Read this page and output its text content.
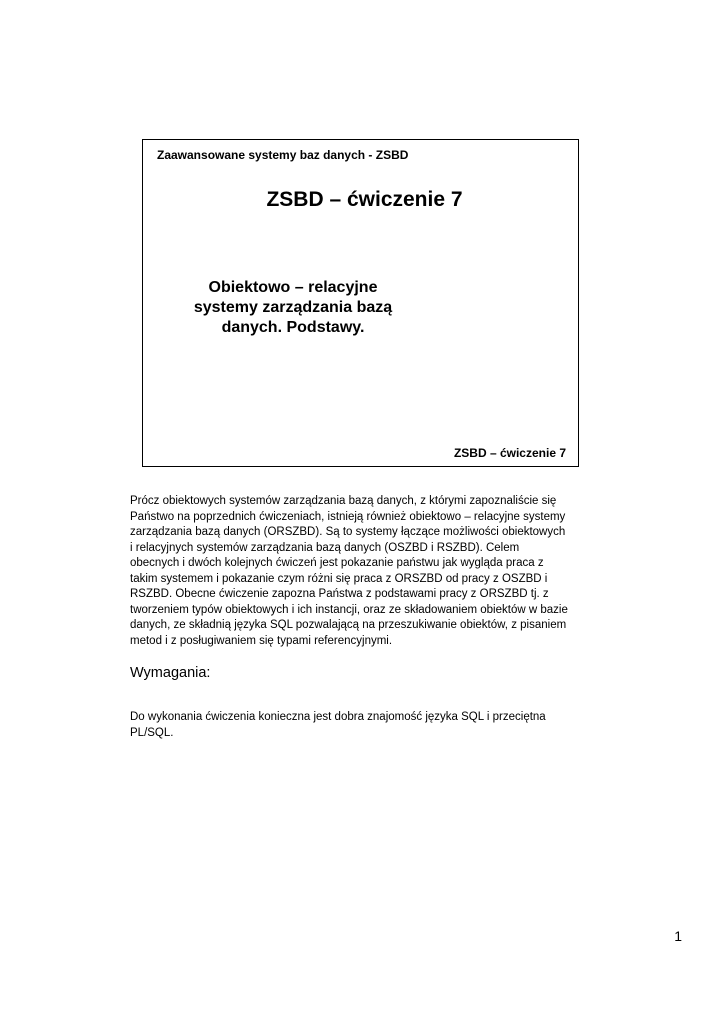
Zaawansowane systemy baz danych - ZSBD
ZSBD – ćwiczenie 7
Obiektowo – relacyjne
systemy zarządzania bazą
danych. Podstawy.
ZSBD – ćwiczenie 7
Prócz obiektowych systemów zarządzania bazą danych, z którymi zapoznaliście się
Państwo na poprzednich ćwiczeniach, istnieją również obiektowo – relacyjne systemy
zarządzania bazą danych (ORSZBD). Są to systemy łączące możliwości obiektowych
i relacyjnych systemów zarządzania bazą danych (OSZBD i RSZBD). Celem
obecnych i dwóch kolejnych ćwiczeń jest pokazanie państwu jak wygląda praca z
takim systemem i pokazanie czym różni się praca z ORSZBD od pracy z OSZBD i
RSZBD. Obecne ćwiczenie zapozna Państwa z podstawami pracy z ORSZBD tj. z
tworzeniem typów obiektowych i ich instancji, oraz ze składowaniem obiektów w bazie
danych, ze składnią języka SQL pozwalającą na przeszukiwanie obiektów, z pisaniem
metod i z posługiwaniem się typami referencyjnymi.
Wymagania:
Do wykonania ćwiczenia konieczna jest dobra znajomość języka SQL i przeciętna
PL/SQL.
1
